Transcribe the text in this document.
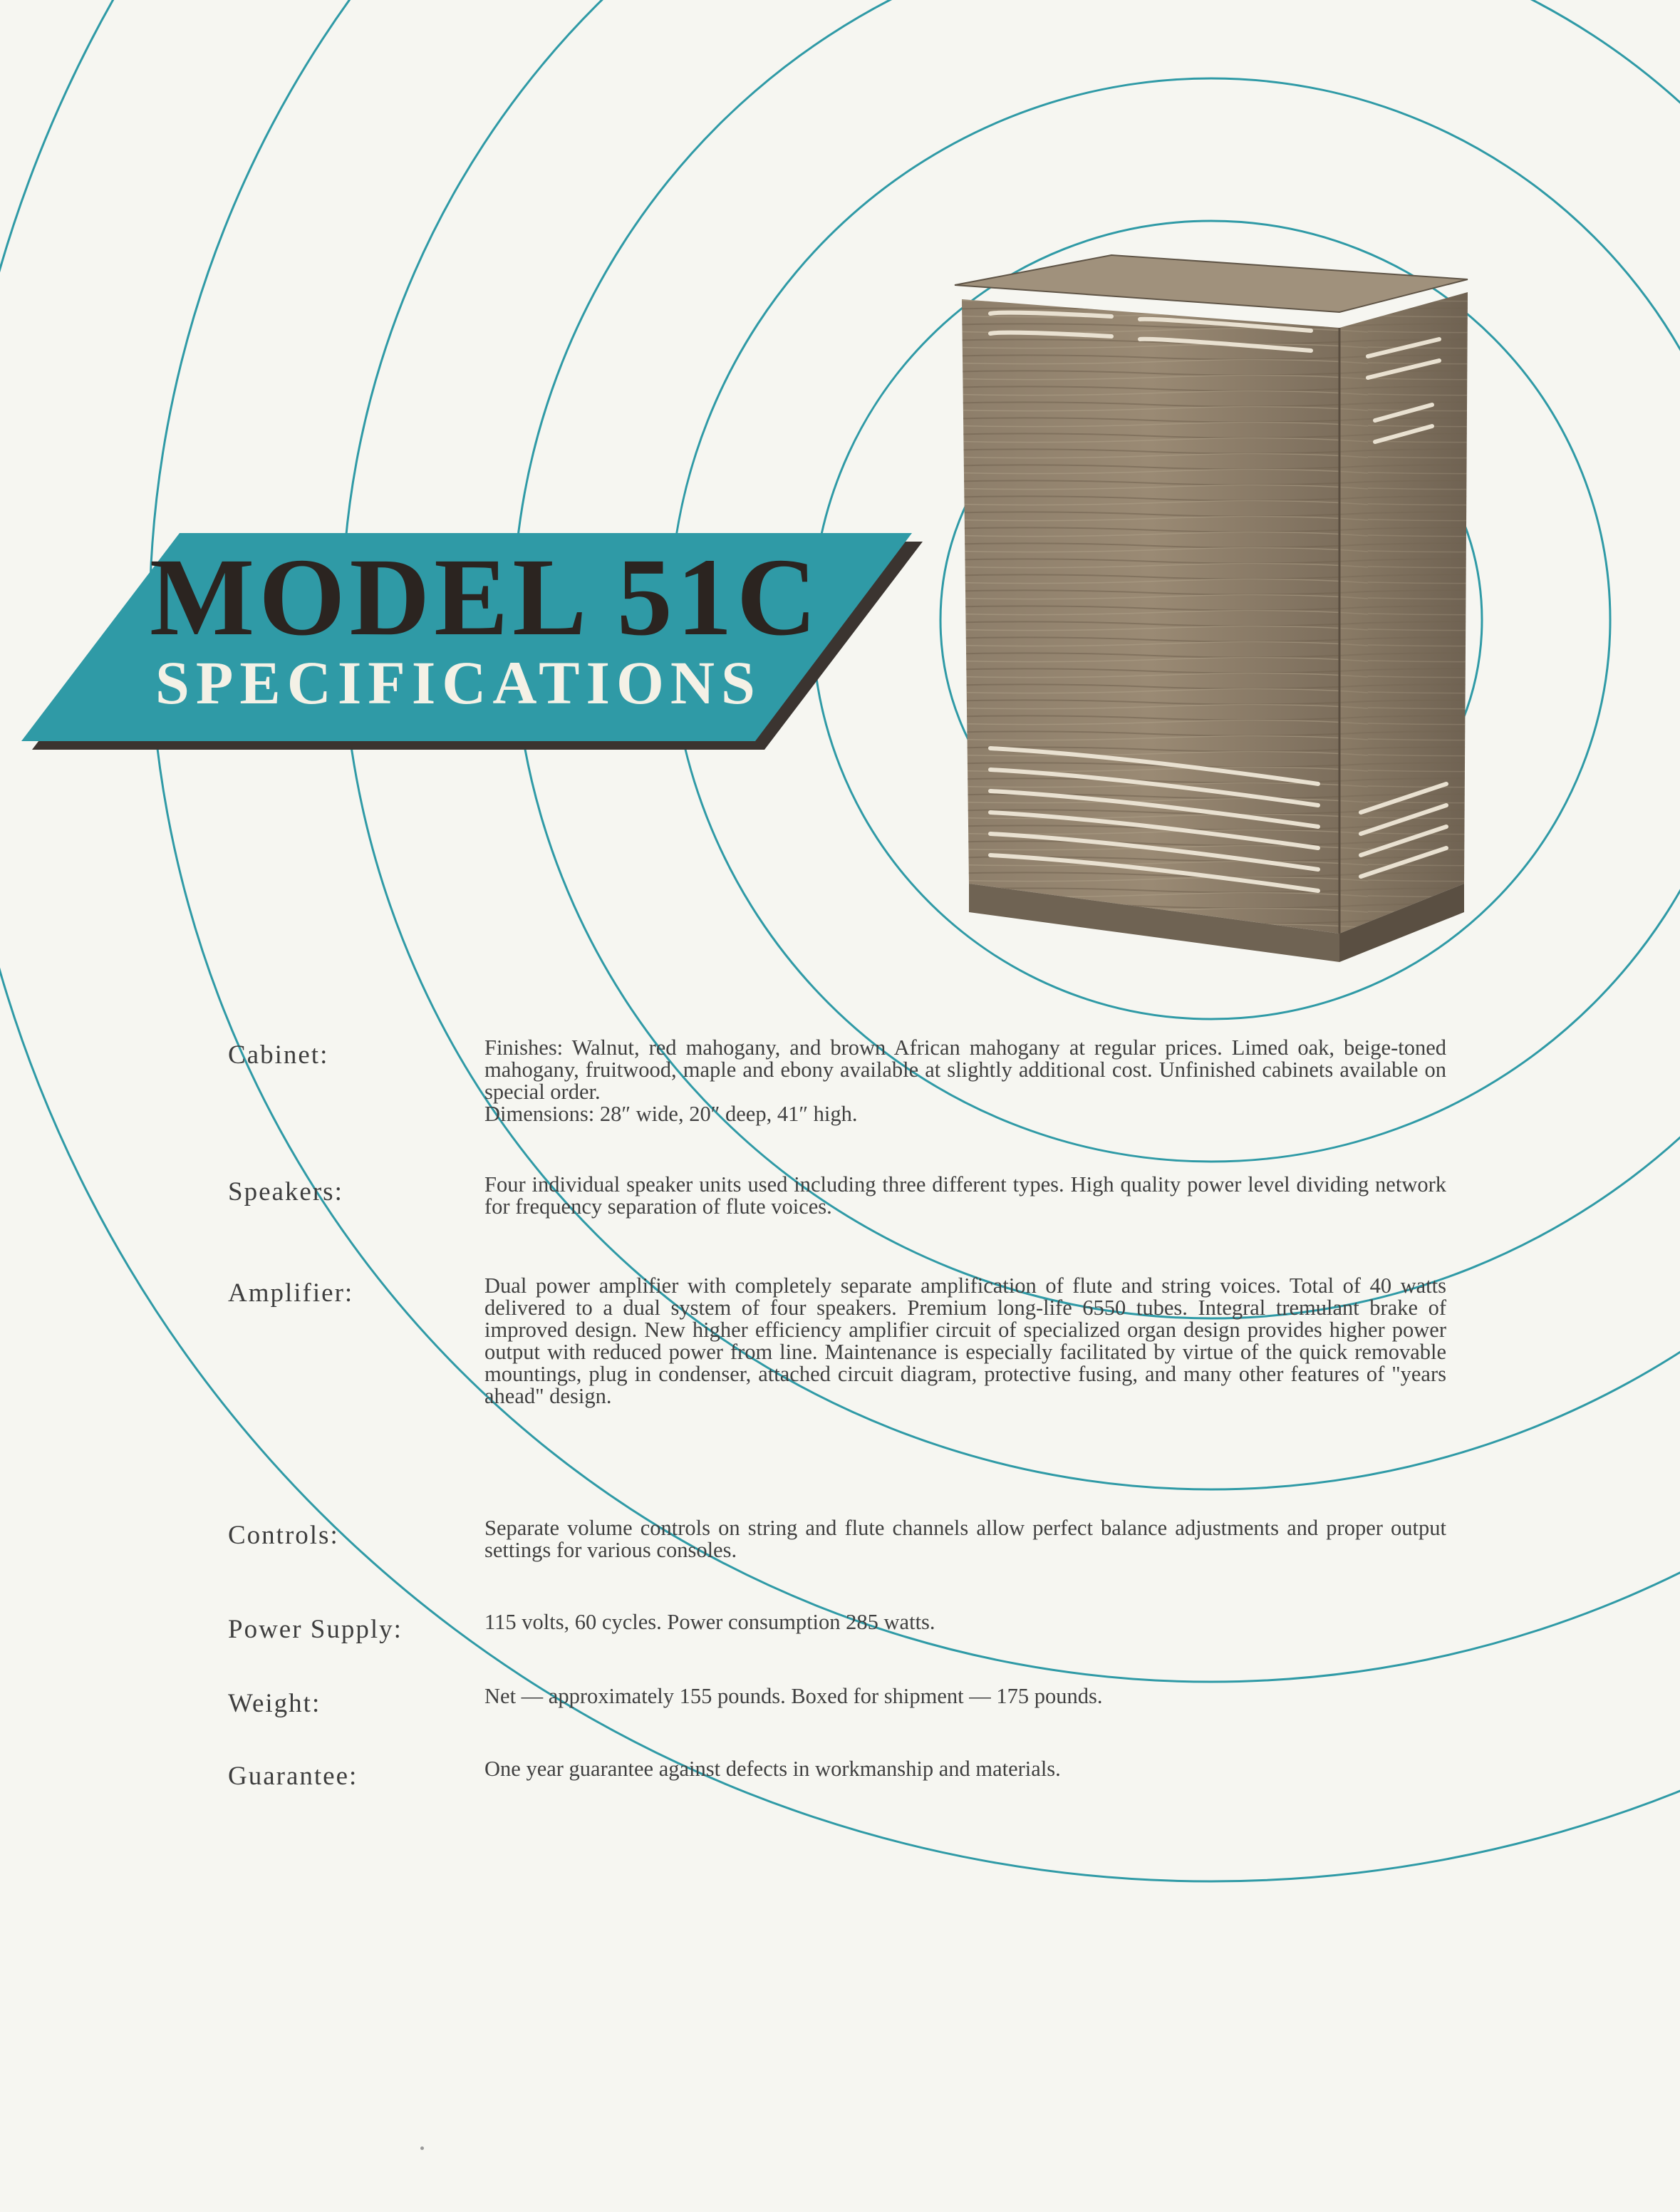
MODEL 51C
SPECIFICATIONS
Cabinet:	Finishes: Walnut, red mahogany, and brown African mahogany at regular prices. Limed oak, beige-toned mahogany, fruitwood, maple and ebony available at slightly additional cost. Unfinished cabinets available on special order.

Dimensions: 28″ wide, 20″ deep, 41″ high.

Speakers:	Four individual speaker units used including three different types. High quality power level dividing network for frequency separation of flute voices.

Amplifier:	Dual power amplifier with completely separate amplification of flute and string voices. Total of 40 watts delivered to a dual system of four speakers. Premium long-life 6550 tubes. Integral tremulant brake of improved design. New higher efficiency amplifier circuit of specialized organ design provides higher power output with reduced power from line. Maintenance is especially facilitated by virtue of the quick removable mountings, plug in condenser, attached circuit diagram, protective fusing, and many other features of "years ahead" design.

Controls:	Separate volume controls on string and flute channels allow perfect balance adjustments and proper output settings for various consoles.

Power Supply:	115 volts, 60 cycles. Power consumption 285 watts.

Weight:	Net — approximately 155 pounds. Boxed for shipment — 175 pounds.

Guarantee:	One year guarantee against defects in workmanship and materials.
